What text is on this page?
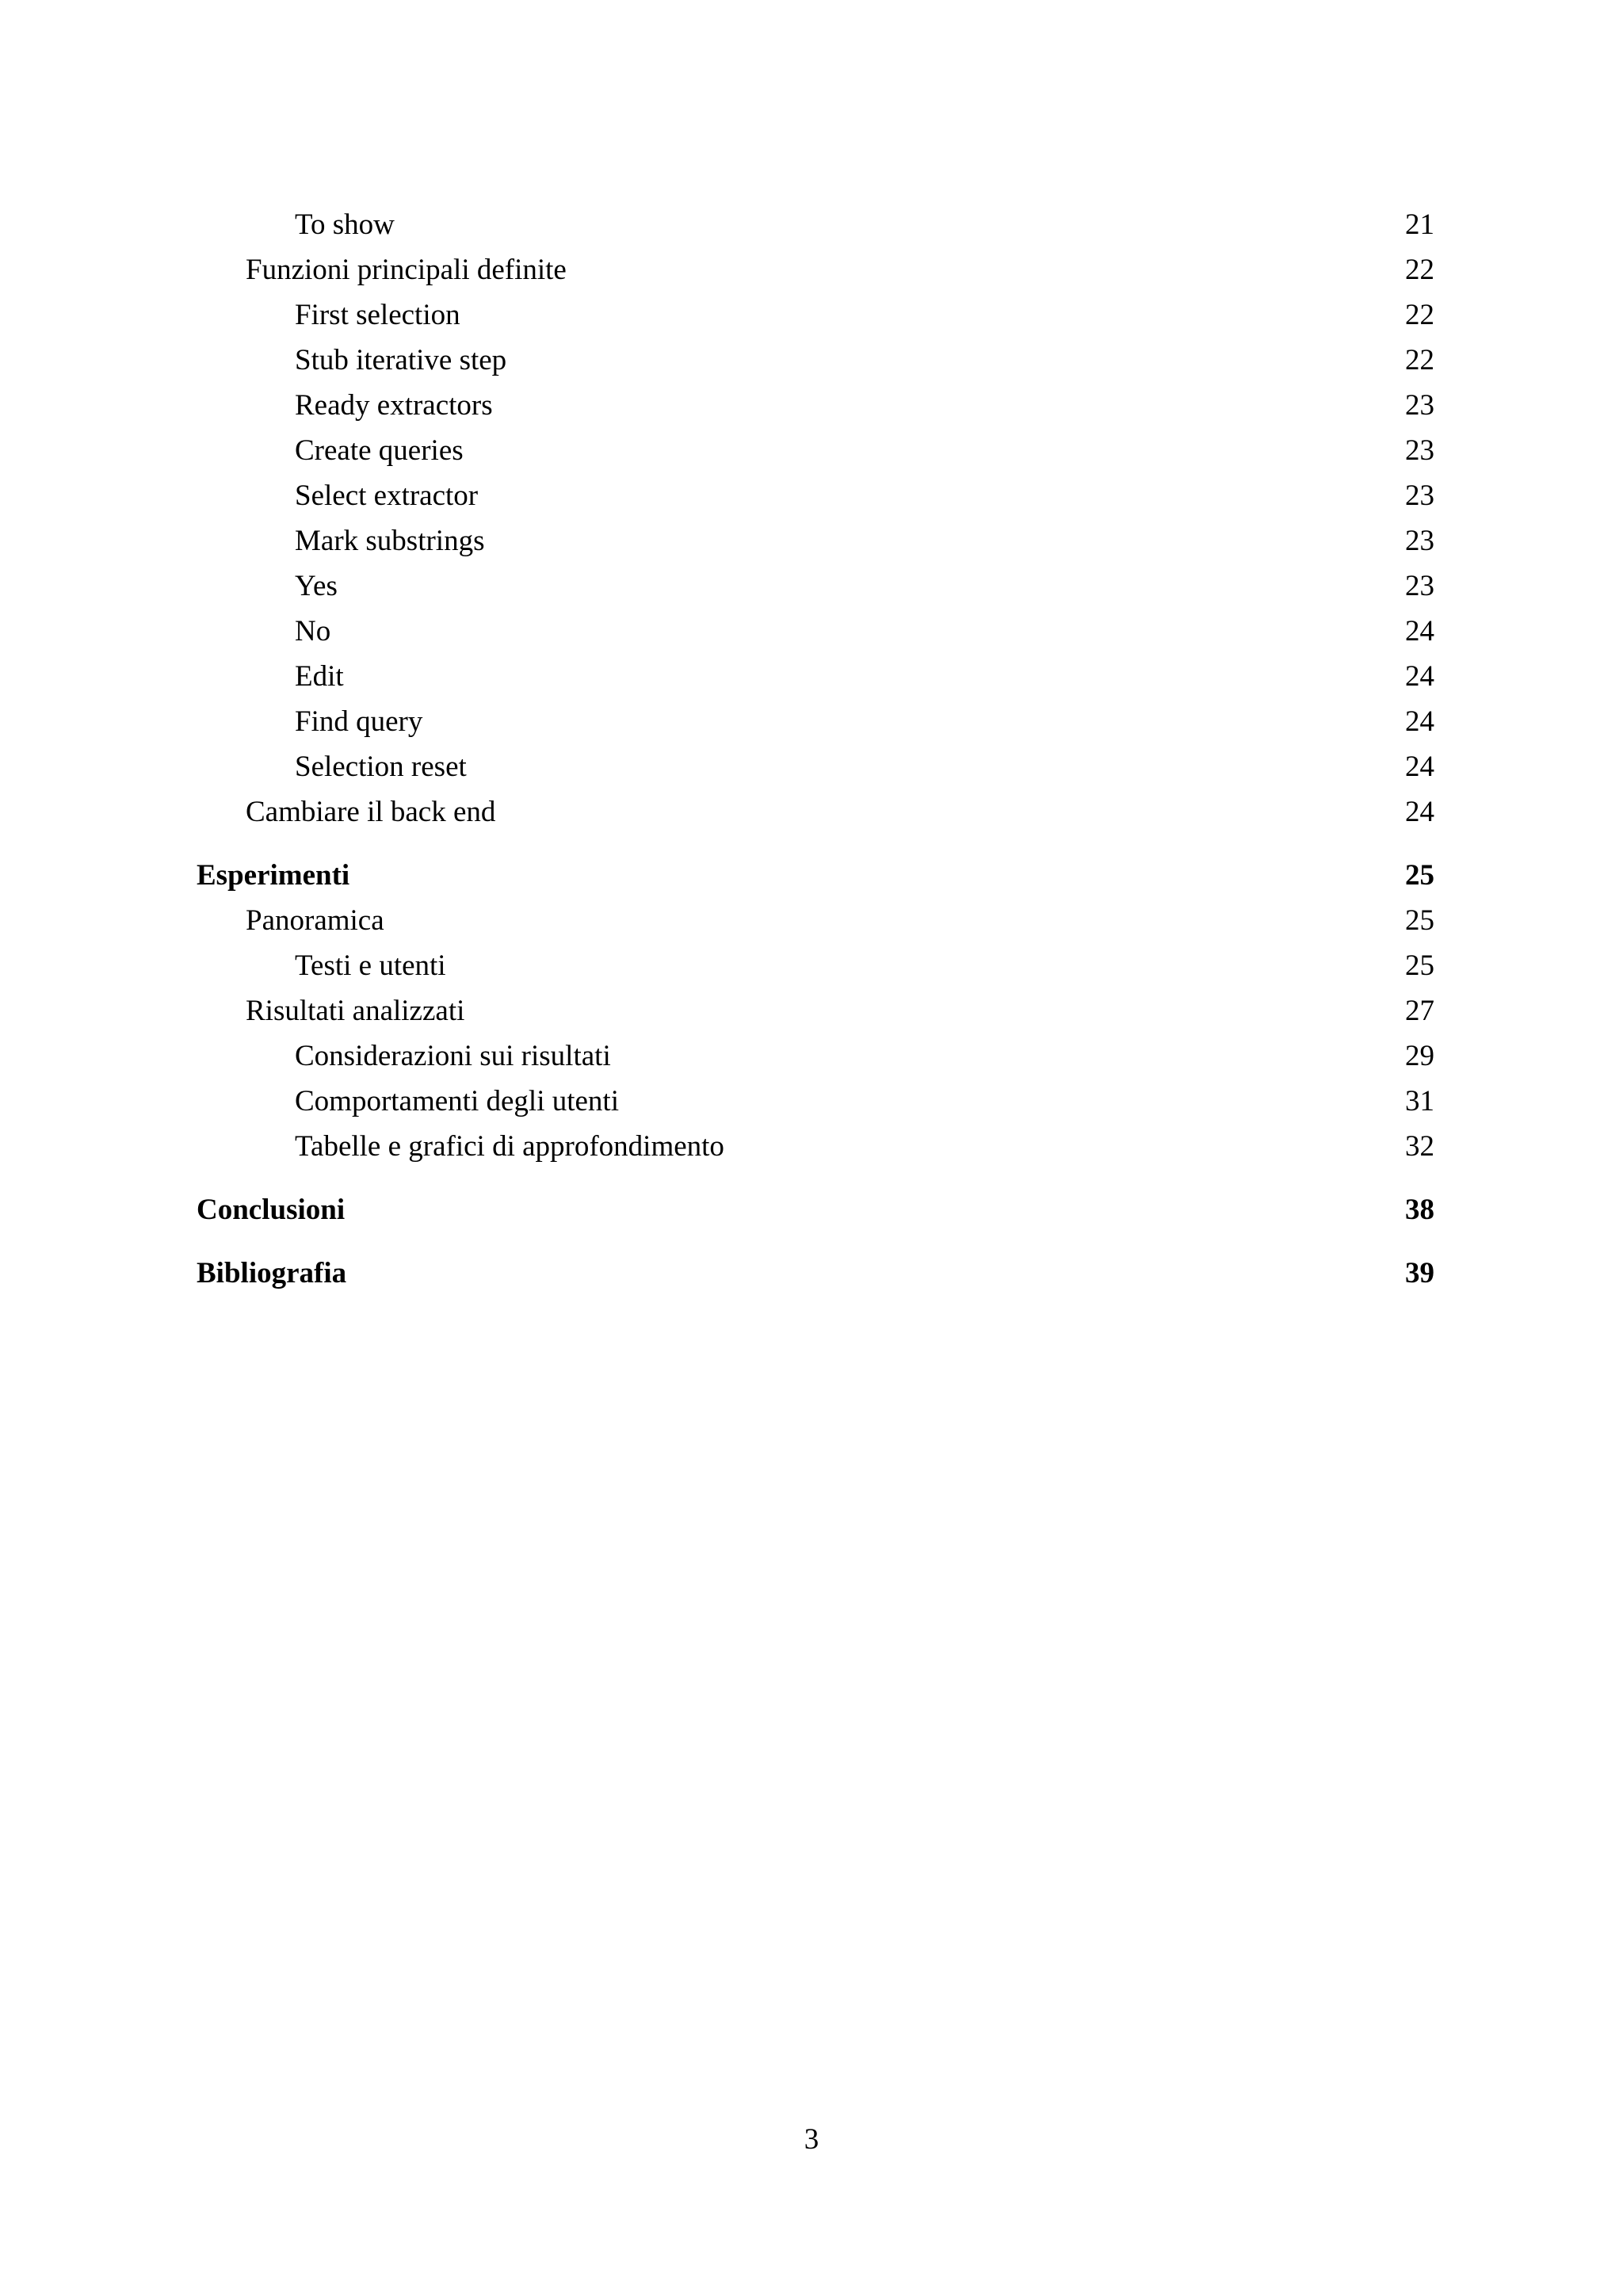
To show	21
Funzioni principali definite	22
First selection	22
Stub iterative step	22
Ready extractors	23
Create queries	23
Select extractor	23
Mark substrings	23
Yes	23
No	24
Edit	24
Find query	24
Selection reset	24
Cambiare il back end	24
Esperimenti	25
Panoramica	25
Testi e utenti	25
Risultati analizzati	27
Considerazioni sui risultati	29
Comportamenti degli utenti	31
Tabelle e grafici di approfondimento	32
Conclusioni	38
Bibliografia	39
3
